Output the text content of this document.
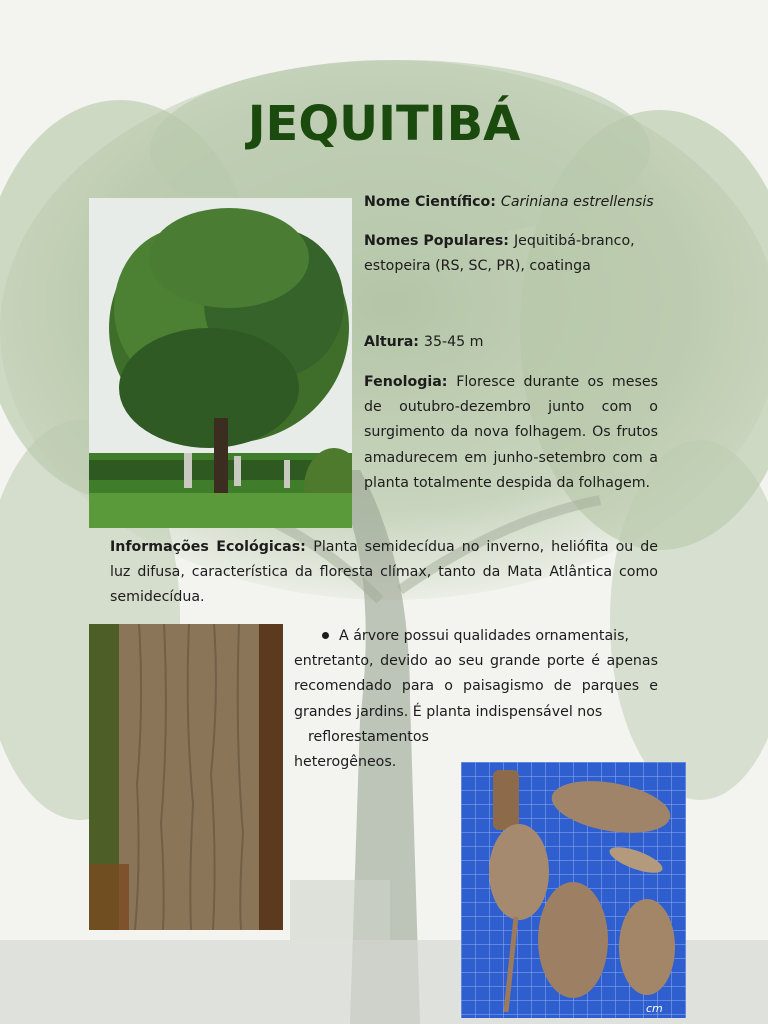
JEQUITIBÁ
Nome Científico: Cariniana estrellensis
Nomes Populares: Jequitibá-branco, estopeira (RS, SC, PR), coatinga
Altura: 35-45 m
Fenologia: Floresce durante os meses de outubro-dezembro junto com o surgimento da nova folhagem. Os frutos amadurecem em junho-setembro com a planta totalmente despida da folhagem.
Informações Ecológicas: Planta semidecídua no inverno, heliófita ou de luz difusa, característica da floresta clímax, tanto da Mata Atlântica como semidecídua.
A árvore possui qualidades ornamentais,
entretanto, devido ao seu grande porte é apenas recomendado para o paisagismo de parques e grandes jardins. É planta indispensável nos
reflorestamentos
heterogêneos.
cm
